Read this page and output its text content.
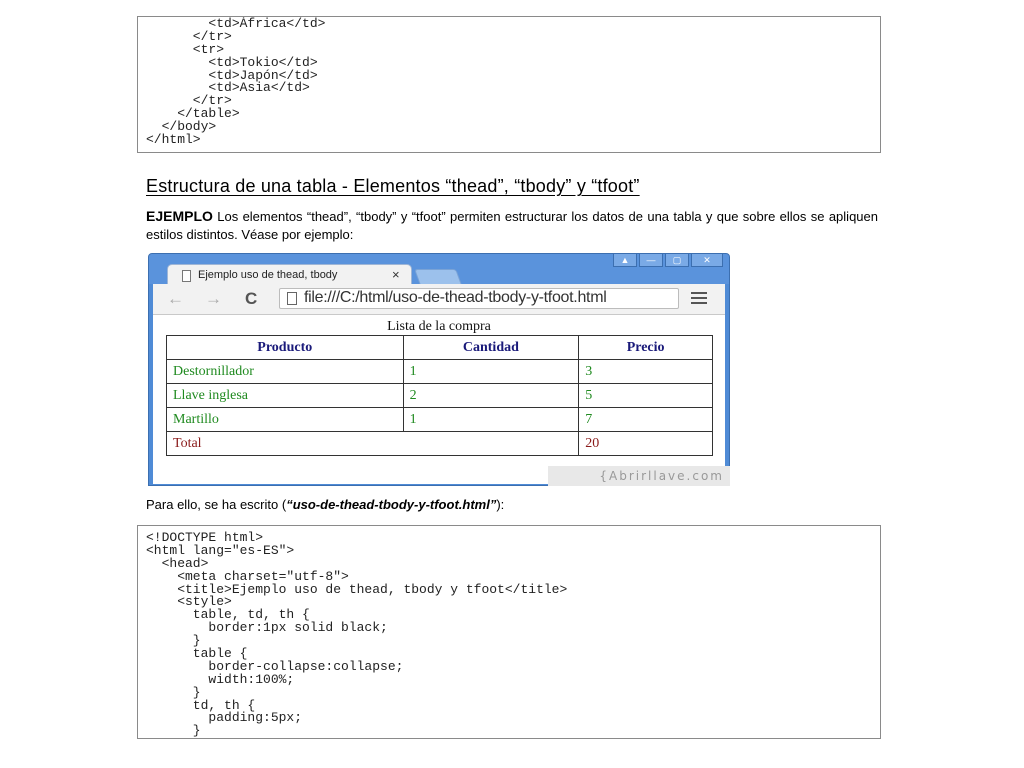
<td>África</td>
</tr>
<tr>
<td>Tokio</td>
<td>Japón</td>
<td>Asia</td>
</tr>
</table>
</body>
</html>
Estructura de una tabla - Elementos “thead”, “tbody” y “tfoot”
EJEMPLO Los elementos “thead”, “tbody” y “tfoot” permiten estructurar los datos de una tabla y que sobre ellos se apliquen estilos distintos. Véase por ejemplo:
Ejemplo uso de thead, tbody	×
▲	—	▢	✕
← → C	file:///C:/html/uso-de-thead-tbody-y-tfoot.html
Lista de la compra
Producto	Cantidad	Precio
Destornillador	1	3
Llave inglesa	2	5
Martillo	1	7
Total		20
{Abrirllave.com
Para ello, se ha escrito (“uso-de-thead-tbody-y-tfoot.html”):
<!DOCTYPE html>
<html lang="es-ES">
<head>
<meta charset="utf-8">
<title>Ejemplo uso de thead, tbody y tfoot</title>
<style>
table, td, th {
border:1px solid black;
}
table {
border-collapse:collapse;
width:100%;
}
td, th {
padding:5px;
}
